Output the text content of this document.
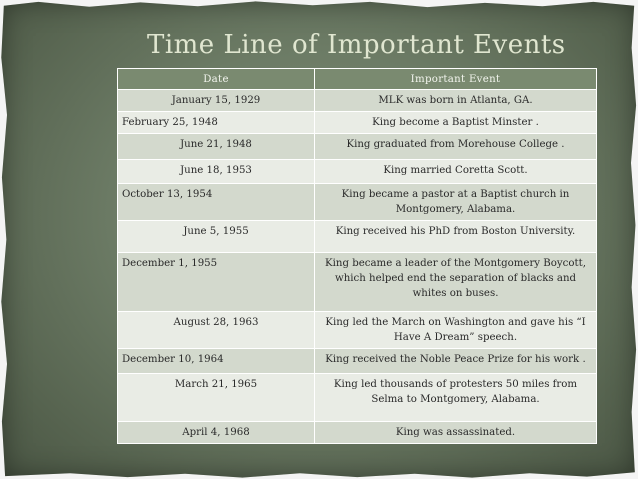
Time Line of Important Events
Date	Important Event
January 15, 1929	MLK was born in Atlanta, GA.
February 25, 1948	King become a Baptist Minster .
June 21, 1948	King graduated from Morehouse College .
June 18, 1953	King married Coretta Scott.
October 13, 1954	King became a pastor at a Baptist church in Montgomery, Alabama.
June 5, 1955	King received his PhD from Boston University.
December 1, 1955	King became a leader of the Montgomery Boycott, which helped end the separation of blacks and whites on buses.
August 28, 1963	King led the March on Washington and gave his “I Have A Dream” speech.
December 10, 1964	King received the Noble Peace Prize for his work .
March 21, 1965	King led thousands of protesters 50 miles from Selma to Montgomery, Alabama.
April 4, 1968	King was assassinated.
